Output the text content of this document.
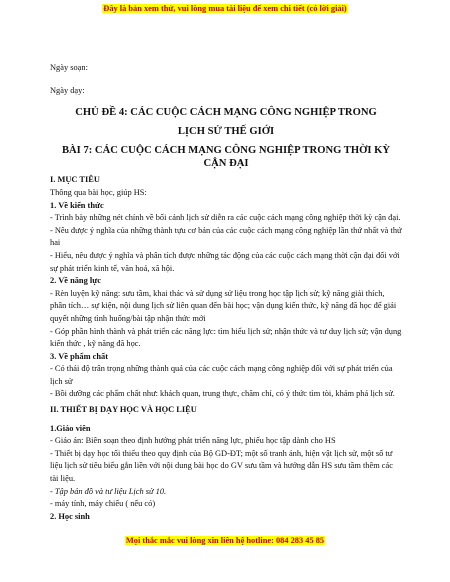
Đây là bản xem thử, vui lòng mua tài liệu để xem chi tiết (có lời giải)

Ngày soạn:

Ngày dạy:

CHỦ ĐỀ 4: CÁC CUỘC CÁCH MẠNG CÔNG NGHIỆP TRONG

LỊCH SỬ THẾ GIỚI

BÀI 7: CÁC CUỘC CÁCH MẠNG CÔNG NGHIỆP TRONG THỜI KỲ

CẬN ĐẠI

I. MỤC TIÊU

Thông qua bài học, giúp HS:

1. Về kiến thức

- Trình bày những nét chính về bối cảnh lịch sử diễn ra các cuộc cách mạng công nghiệp thời kỳ cận đại.

- Nêu được ý nghĩa của những thành tựu cơ bản của các cuộc cách mạng công nghiệp lần thứ nhất và thứ hai

- Hiểu, nêu được ý nghĩa và phân tích được những tác động của các cuộc cách mạng thời cận đại đối với sự phát triển kinh tế, văn hoá, xã hội.

2. Về năng lực

- Rèn luyện kỹ năng: sưu tầm, khai thác và sử dụng sử liệu trong học tập lịch sử; kỹ năng giải thích, phân tích… sự kiện, nội dung lịch sử liên quan đến bài học; vận dụng kiến thức, kỹ năng đã học để giải quyết những tình huống/bài tập nhận thức mới

- Góp phần hình thành và phát triển các năng lực: tìm hiểu lịch sử; nhận thức và tư duy lịch sử; vận dụng kiến thức , kỹ năng đã học.

3. Về phẩm chất

- Có thái độ trân trọng những thành quả của các cuộc cách mạng công nghiệp đối với sự phát triển của lịch sử

- Bồi dưỡng các phẩm chất như: khách quan, trung thực, chăm chỉ, có ý thức tìm tòi, khám phá lịch sử.

II. THIẾT BỊ DẠY HỌC VÀ HỌC LIỆU

1.Giáo viên

- Giáo án: Biên soạn theo định hướng phát triển năng lực, phiếu học tập dành cho HS

- Thiết bị dạy học tối thiểu theo quy định của Bộ GD-ĐT; một số tranh ảnh, hiện vật lịch sử, một số tư liệu lịch sử tiêu biểu gắn liền với nội dung bài học do GV sưu tầm và hướng dẫn HS sưu tầm thêm các tài liệu.

- Tập bản đồ và tư liệu Lịch sử 10.

- máy tính, máy chiếu ( nếu có)

2. Học sinh

Mọi thắc mắc vui lòng xin liên hệ hotline: 084 283 45 85
